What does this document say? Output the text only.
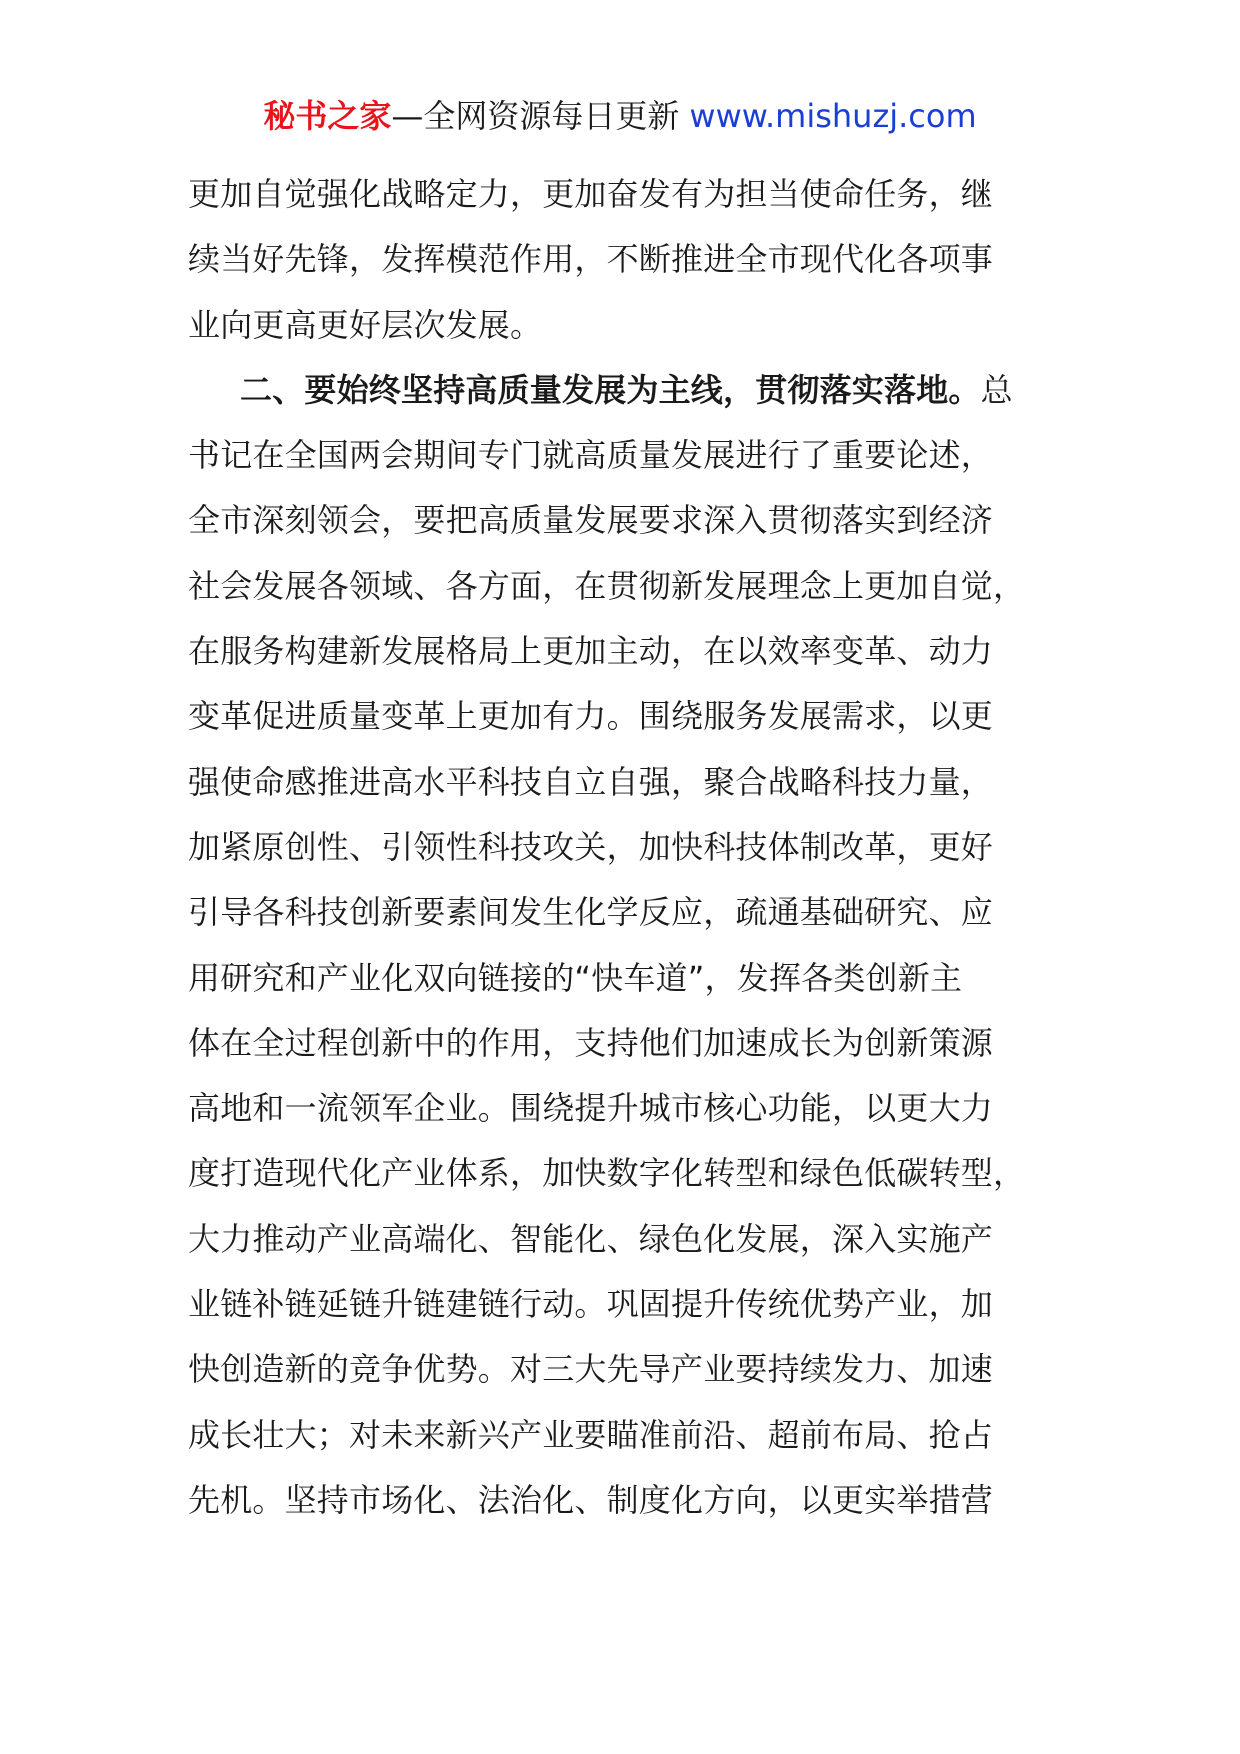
秘书之家—全网资源每日更新 www.mishuzj.com
更加自觉强化战略定力，更加奋发有为担当使命任务，继
续当好先锋，发挥模范作用，不断推进全市现代化各项事
业向更高更好层次发展。
二、要始终坚持高质量发展为主线，贯彻落实落地。总
书记在全国两会期间专门就高质量发展进行了重要论述，
全市深刻领会，要把高质量发展要求深入贯彻落实到经济
社会发展各领域、各方面，在贯彻新发展理念上更加自觉，
在服务构建新发展格局上更加主动，在以效率变革、动力
变革促进质量变革上更加有力。围绕服务发展需求，以更
强使命感推进高水平科技自立自强，聚合战略科技力量，
加紧原创性、引领性科技攻关，加快科技体制改革，更好
引导各科技创新要素间发生化学反应，疏通基础研究、应
用研究和产业化双向链接的“快车道”，发挥各类创新主
体在全过程创新中的作用，支持他们加速成长为创新策源
高地和一流领军企业。围绕提升城市核心功能，以更大力
度打造现代化产业体系，加快数字化转型和绿色低碳转型，
大力推动产业高端化、智能化、绿色化发展，深入实施产
业链补链延链升链建链行动。巩固提升传统优势产业，加
快创造新的竞争优势。对三大先导产业要持续发力、加速
成长壮大；对未来新兴产业要瞄准前沿、超前布局、抢占
先机。坚持市场化、法治化、制度化方向，以更实举措营
